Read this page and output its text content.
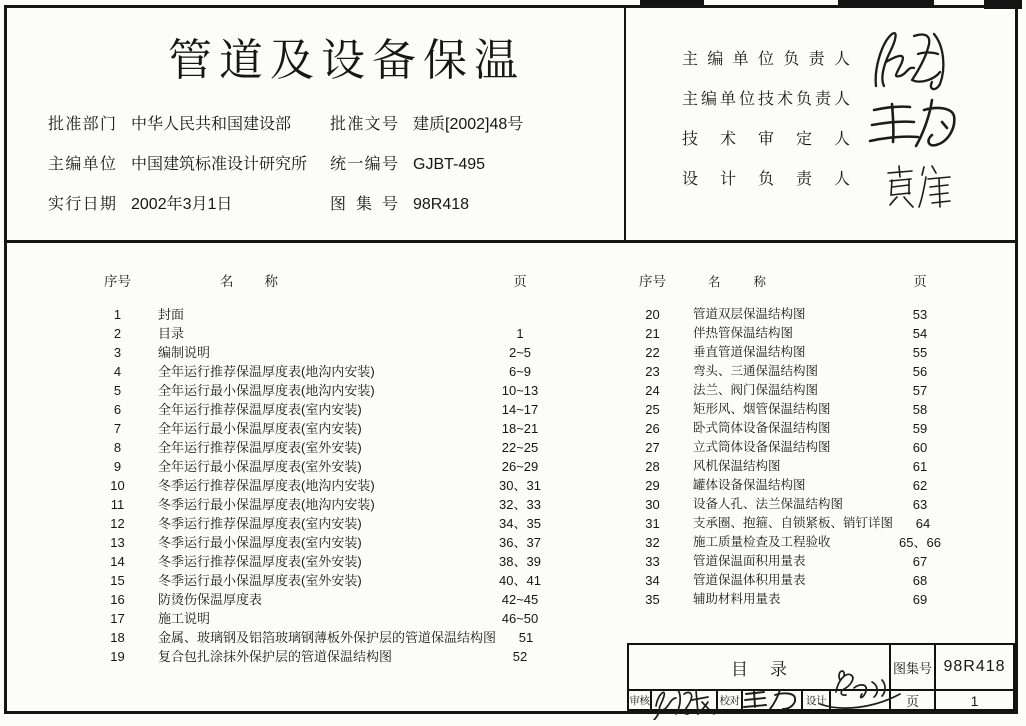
管道及设备保温
批准部门 中华人民共和国建设部
主编单位 中国建筑标准设计研究所
实行日期 2002年3月1日
批准文号 建质[2002]48号
统一编号 GJBT-495
图集号 98R418
主编单位负责人
主编单位技术负责人
技术审定人
设计负责人
序号	名称	页
1	封面
2	目录	1
3	编制说明	2~5
4	全年运行推荐保温厚度表(地沟内安装)	6~9
5	全年运行最小保温厚度表(地沟内安装)	10~13
6	全年运行推荐保温厚度表(室内安装)	14~17
7	全年运行最小保温厚度表(室内安装)	18~21
8	全年运行推荐保温厚度表(室外安装)	22~25
9	全年运行最小保温厚度表(室外安装)	26~29
10	冬季运行推荐保温厚度表(地沟内安装)	30、31
11	冬季运行最小保温厚度表(地沟内安装)	32、33
12	冬季运行推荐保温厚度表(室内安装)	34、35
13	冬季运行最小保温厚度表(室内安装)	36、37
14	冬季运行推荐保温厚度表(室外安装)	38、39
15	冬季运行最小保温厚度表(室外安装)	40、41
16	防烫伤保温厚度表	42~45
17	施工说明	46~50
18	金属、玻璃钢及铝箔玻璃钢薄板外保护层的管道保温结构图	51
19	复合包扎涂抹外保护层的管道保温结构图	52
序号	名称	页
20	管道双层保温结构图	53
21	伴热管保温结构图	54
22	垂直管道保温结构图	55
23	弯头、三通保温结构图	56
24	法兰、阀门保温结构图	57
25	矩形风、烟管保温结构图	58
26	卧式筒体设备保温结构图	59
27	立式筒体设备保温结构图	60
28	风机保温结构图	61
29	罐体设备保温结构图	62
30	设备人孔、法兰保温结构图	63
31	支承圈、抱箍、自锁紧板、销钉详图	64
32	施工质量检查及工程验收	65、66
33	管道保温面积用量表	67
34	管道保温体积用量表	68
35	辅助材料用量表	69
目录	图集号 98R418
审核	校对	设计	页	1
